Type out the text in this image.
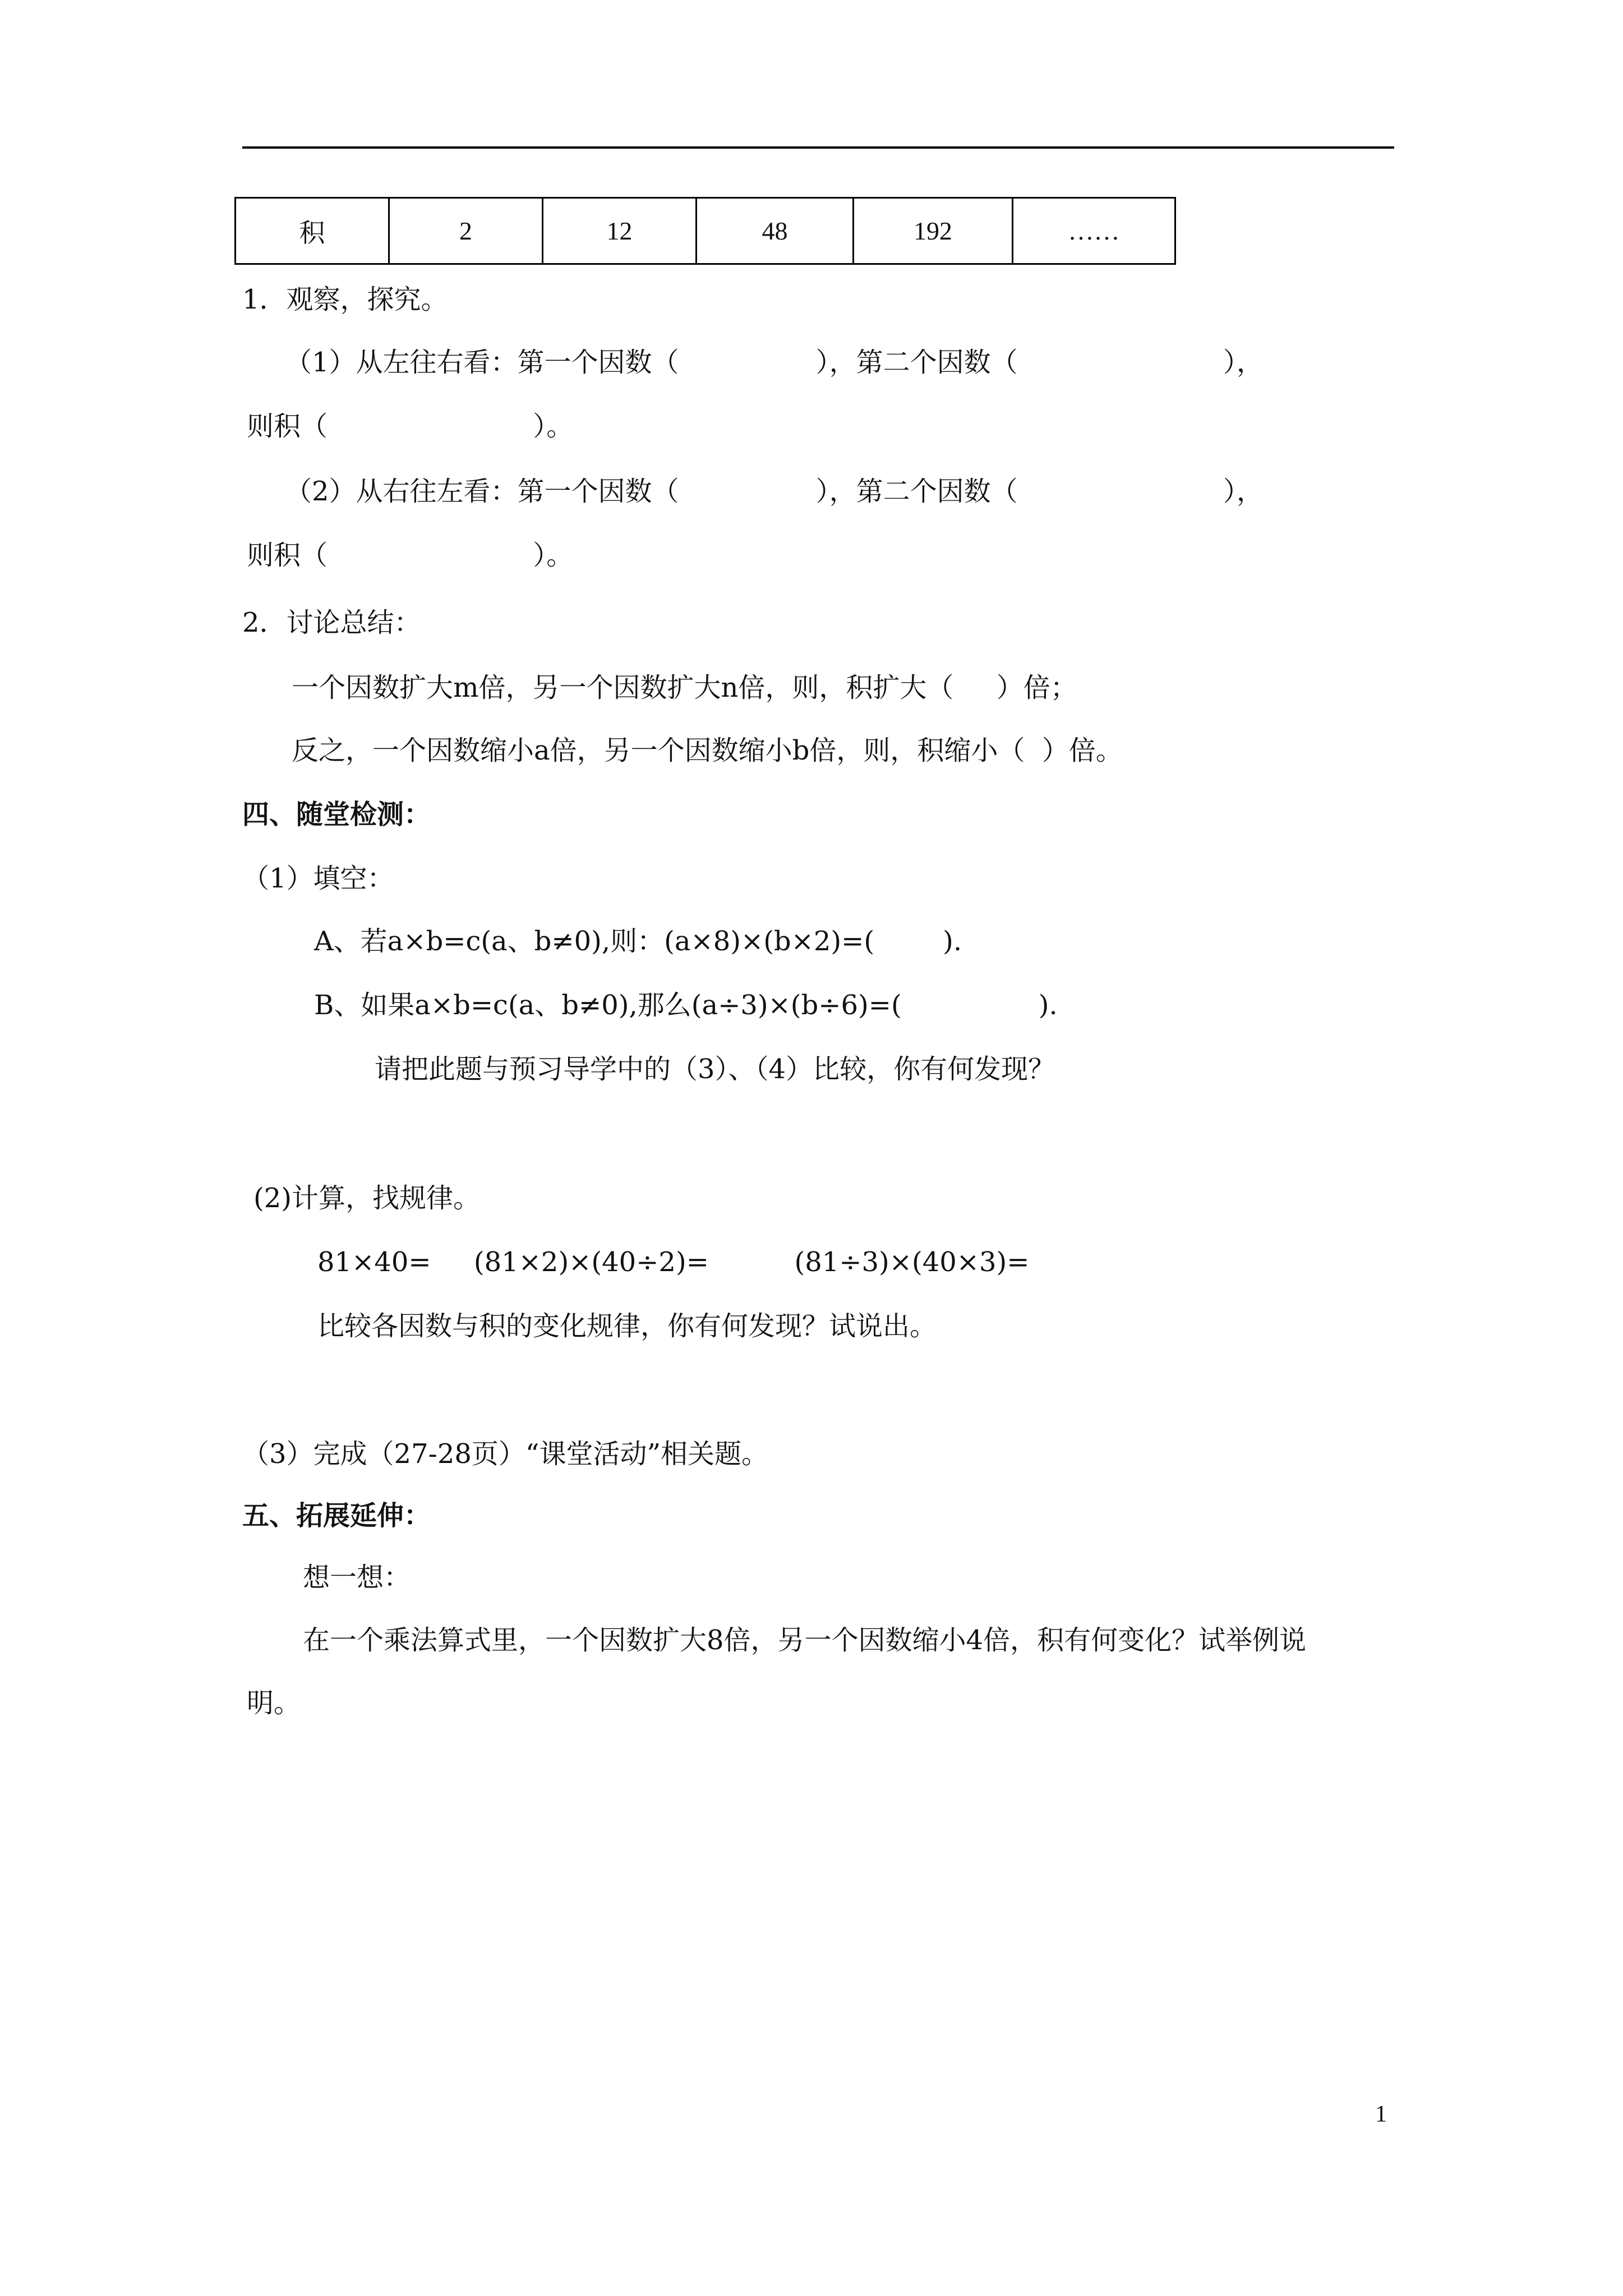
积	2	12	48	192	……
1．观察，探究。
（1）从左往右看：第一个因数（                ），第二个因数（                        ），
则积（                        ）。
（2）从右往左看：第一个因数（                ），第二个因数（                        ），
则积（                        ）。
2．讨论总结：
一个因数扩大m倍，另一个因数扩大n倍，则，积扩大（     ）倍；
反之，一个因数缩小a倍，另一个因数缩小b倍，则，积缩小（  ）倍。
四、随堂检测：
（1）填空：
A、若a×b=c(a、b≠0),则：(a×8)×(b×2)=(        ).
B、如果a×b=c(a、b≠0),那么(a÷3)×(b÷6)=(                ).
请把此题与预习导学中的（3）、（4）比较，你有何发现？
(2)计算，找规律。
81×40=     (81×2)×(40÷2)=          (81÷3)×(40×3)=
比较各因数与积的变化规律，你有何发现？试说出。
（3）完成（27-28页）“课堂活动”相关题。
五、拓展延伸：
想一想：
在一个乘法算式里，一个因数扩大8倍，另一个因数缩小4倍，积有何变化？试举例说
明。
1
